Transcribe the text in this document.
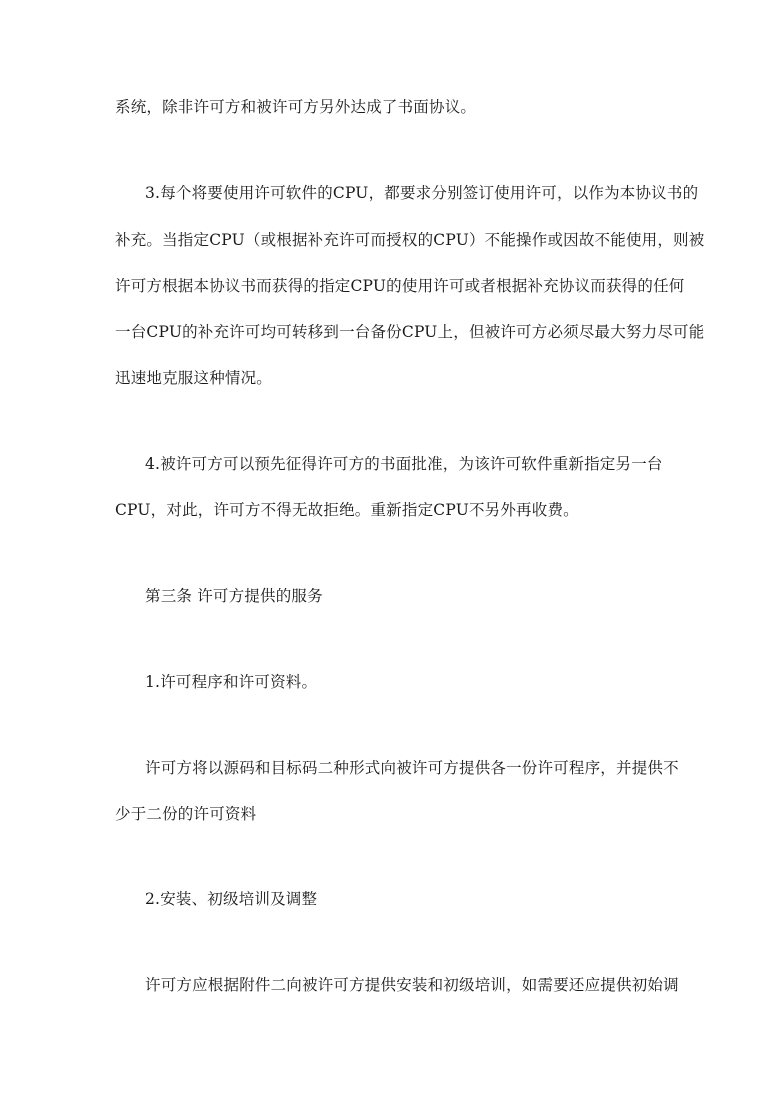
系统，除非许可方和被许可方另外达成了书面协议。
3.每个将要使用许可软件的CPU，都要求分别签订使用许可，以作为本协议书的
补充。当指定CPU（或根据补充许可而授权的CPU）不能操作或因故不能使用，则被
许可方根据本协议书而获得的指定CPU的使用许可或者根据补充协议而获得的任何
一台CPU的补充许可均可转移到一台备份CPU上，但被许可方必须尽最大努力尽可能
迅速地克服这种情况。
4.被许可方可以预先征得许可方的书面批准，为该许可软件重新指定另一台
CPU，对此，许可方不得无故拒绝。重新指定CPU不另外再收费。
第三条 许可方提供的服务
1.许可程序和许可资料。
许可方将以源码和目标码二种形式向被许可方提供各一份许可程序，并提供不
少于二份的许可资料
2.安装、初级培训及调整
许可方应根据附件二向被许可方提供安装和初级培训，如需要还应提供初始调
